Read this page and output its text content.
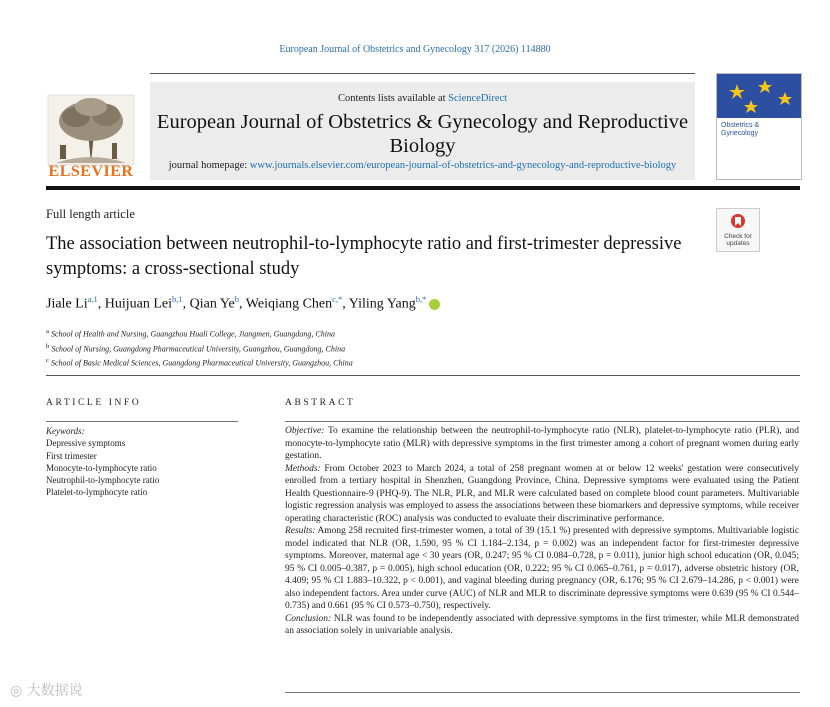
European Journal of Obstetrics and Gynecology 317 (2026) 114880
ELSEVIER
Contents lists available at ScienceDirect
European Journal of Obstetrics & Gynecology and Reproductive Biology
journal homepage: www.journals.elsevier.com/european-journal-of-obstetrics-and-gynecology-and-reproductive-biology
Obstetrics & Gynecology
Full length article
Check for updates
The association between neutrophil-to-lymphocyte ratio and first-trimester depressive symptoms: a cross-sectional study
Jiale Li$^{a,1}$, Huijuan Lei$^{b,1}$, Qian Ye$^b$, Weiqiang Chen$^{c,*}$, Yiling Yang$^{b,*}$
$^a$ School of Health and Nursing, Guangzhou Huali College, Jiangmen, Guangdong, China
$^b$ School of Nursing, Guangdong Pharmaceutical University, Guangzhou, Guangdong, China
$^c$ School of Basic Medical Sciences, Guangdong Pharmaceutical University, Guangzhou, China
ARTICLE INFO	ABSTRACT
Keywords:
Depressive symptoms
First trimester
Monocyte-to-lymphocyte ratio
Neutrophil-to-lymphocyte ratio
Platelet-to-lymphocyte ratio

Objective: To examine the relationship between the neutrophil-to-lymphocyte ratio (NLR), platelet-to-lymphocyte ratio (PLR), and monocyte-to-lymphocyte ratio (MLR) with depressive symptoms in the first trimester among a cohort of pregnant women during early gestation.

Methods: From October 2023 to March 2024, a total of 258 pregnant women at or below 12 weeks' gestation were consecutively enrolled from a tertiary hospital in Shenzhen, Guangdong Province, China. Depressive symptoms were evaluated using the Patient Health Questionnaire-9 (PHQ-9). The NLR, PLR, and MLR were calculated based on complete blood count parameters. Multivariable logistic regression analysis was employed to assess the associations between these biomarkers and depressive symptoms, while receiver operating characteristic (ROC) analysis was conducted to evaluate their discriminative performance.

Results: Among 258 recruited first-trimester women, a total of 39 (15.1 %) presented with depressive symptoms. Multivariable logistic model indicated that NLR (OR, 1.590, 95 % CI 1.184–2.134, p = 0.002) was an independent factor for first-trimester depressive symptoms. Moreover, maternal age < 30 years (OR, 0.247; 95 % CI 0.084–0.728, p = 0.011), junior high school education (OR, 0.045; 95 % CI 0.005–0.387, p = 0.005), high school education (OR, 0.222; 95 % CI 0.065–0.761, p = 0.017), adverse obstetric history (OR, 4.409; 95 % CI 1.883–10.322, p < 0.001), and vaginal bleeding during pregnancy (OR, 6.176; 95 % CI 2.679–14.286, p < 0.001) were also independent factors. Area under curve (AUC) of NLR and MLR to discriminate depressive symptoms were 0.639 (95 % CI 0.544–0.735) and 0.661 (95 % CI 0.573–0.750), respectively.

Conclusion: NLR was found to be independently associated with depressive symptoms in the first trimester, while MLR demonstrated an association solely in univariable analysis.

◎ 大数据说
